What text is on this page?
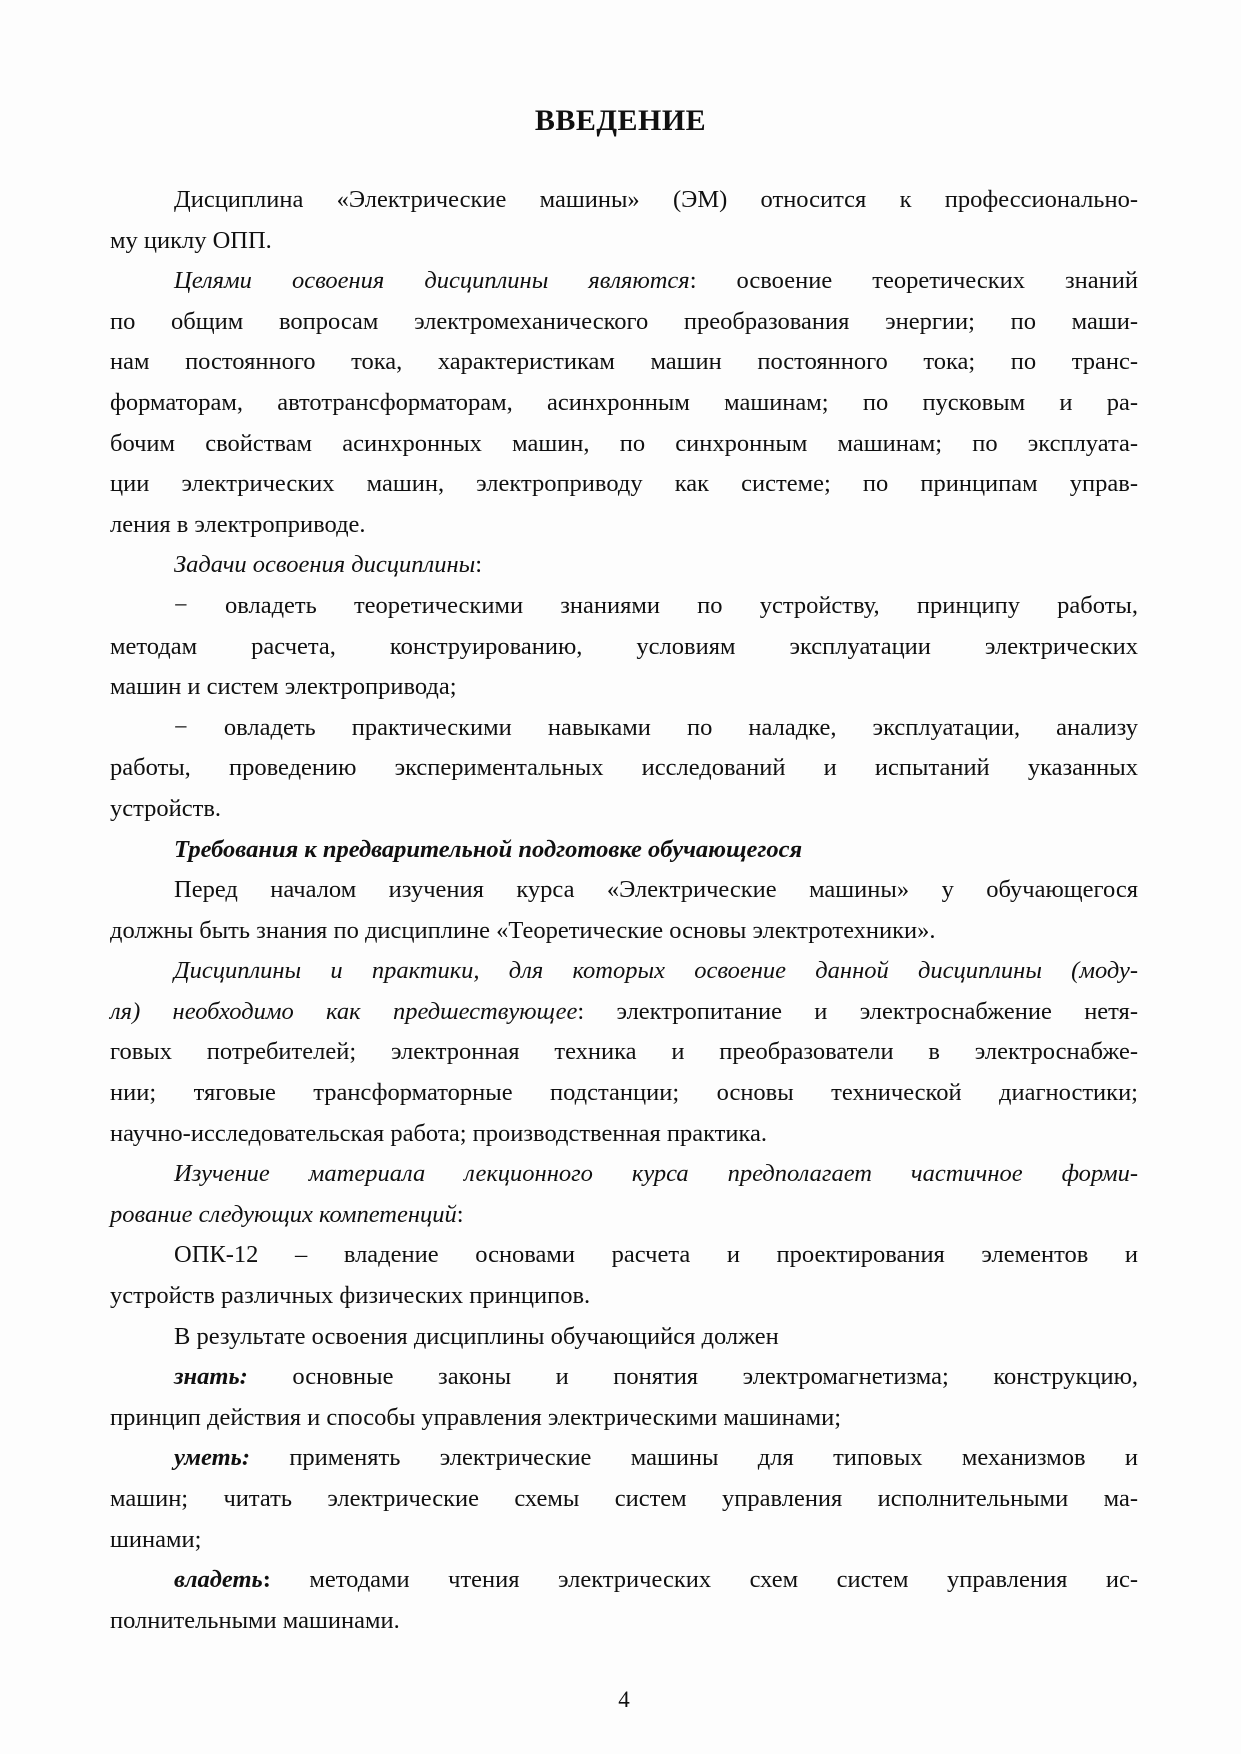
ВВЕДЕНИЕ
Дисциплина «Электрические машины» (ЭМ) относится к профессионально-
му циклу ОПП.
Целями освоения дисциплины являются: освоение теоретических знаний
по общим вопросам электромеханического преобразования энергии; по маши-
нам постоянного тока, характеристикам машин постоянного тока; по транс-
форматорам, автотрансформаторам, асинхронным машинам; по пусковым и ра-
бочим свойствам асинхронных машин, по синхронным машинам; по эксплуата-
ции электрических машин, электроприводу как системе; по принципам управ-
ления в электроприводе.
Задачи освоения дисциплины:
− овладеть теоретическими знаниями по устройству, принципу работы,
методам расчета, конструированию, условиям эксплуатации электрических
машин и систем электропривода;
− овладеть практическими навыками по наладке, эксплуатации, анализу
работы, проведению экспериментальных исследований и испытаний указанных
устройств.
Требования к предварительной подготовке обучающегося
Перед началом изучения курса «Электрические машины» у обучающегося
должны быть знания по дисциплине «Теоретические основы электротехники».
Дисциплины и практики, для которых освоение данной дисциплины (моду-
ля) необходимо как предшествующее: электропитание и электроснабжение нетя-
говых потребителей; электронная техника и преобразователи в электроснабже-
нии; тяговые трансформаторные подстанции; основы технической диагностики;
научно-исследовательская работа; производственная практика.
Изучение материала лекционного курса предполагает частичное форми-
рование следующих компетенций:
ОПК-12 – владение основами расчета и проектирования элементов и
устройств различных физических принципов.
В результате освоения дисциплины обучающийся должен
знать: основные законы и понятия электромагнетизма; конструкцию,
принцип действия и способы управления электрическими машинами;
уметь: применять электрические машины для типовых механизмов и
машин; читать электрические схемы систем управления исполнительными ма-
шинами;
владеть: методами чтения электрических схем систем управления ис-
полнительными машинами.
4
